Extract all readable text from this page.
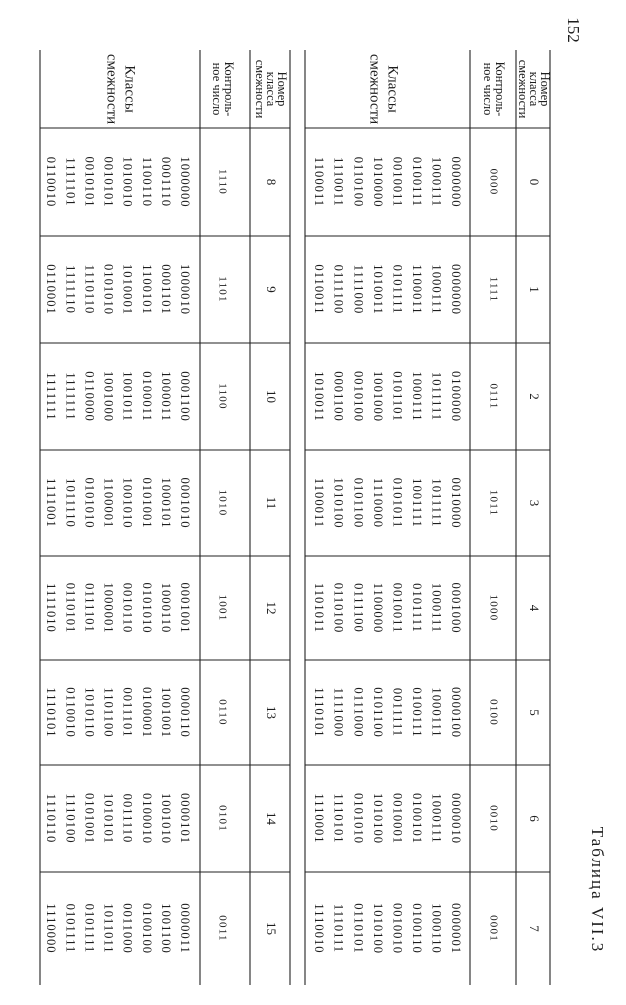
152
Таблица VII.3
Номер
класса
смежности
Контроль-
ное число
Классы
смежности
0
0000
0000000
1000111
0100111
0010011
1010000
0110100
1110011
1100011
1
1111
0000000
1000111
1100011
0101111
1010011
1111000
0111100
0110011
2
0111
0100000
1011111
1000111
0101101
1001000
0010100
0001100
1010011
3
1011
0010000
1011111
1001111
0101011
1110000
0101100
1010100
1100011
4
1000
0001000
1000111
0101111
0010011
1100000
0111100
0110100
1101011
5
0100
0000100
1000111
0100111
0011111
0101100
0111000
1111000
1110101
6
0010
0000010
1000111
0100101
0010001
1010100
0101010
1110101
1110001
7
0001
0000001
1000110
0100110
0010010
1010100
0110101
1110111
1110010
Номер
класса
смежности
Контроль-
ное число
Классы
смежности
8
1110
1000000
0001110
1100110
1010010
0010101
0010101
1111101
0110010
9
1101
1000010
0001101
1100101
1010001
0101010
1110110
1111110
0110001
10
1100
0001100
1000011
0100011
1001011
1001000
0110000
1111111
1111111
11
1010
0001010
1000101
0101001
1001010
1100001
0101010
1011110
1111001
12
1001
0001001
1000110
0101010
0010110
1000001
0111101
0110101
1111010
13
0110
0000110
1001001
0100001
0011101
1101100
1010110
0110010
1110101
14
0101
0000101
1001010
0100010
0011110
1010101
0101001
1110100
1110110
15
0011
0000011
1001100
0100100
0011000
1011011
0101111
0101111
1110000
